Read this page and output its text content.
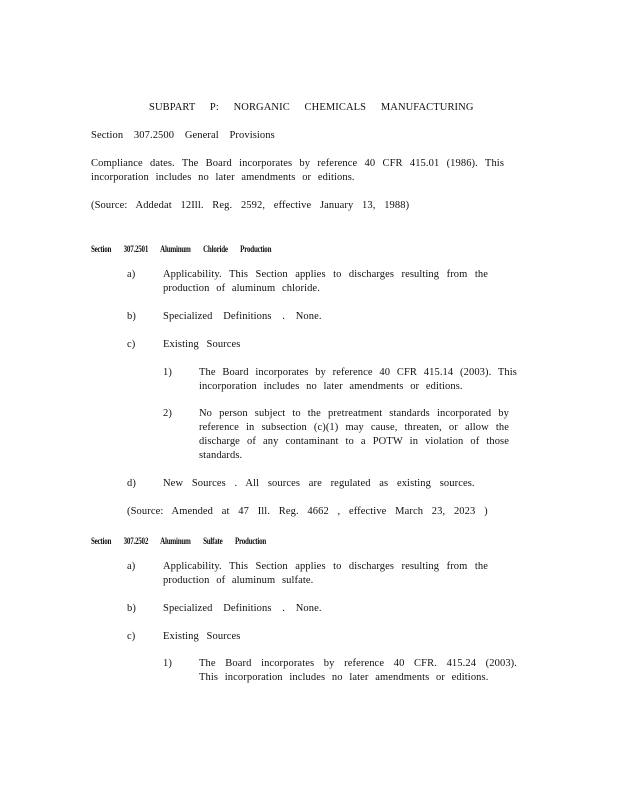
SUBPART P: NORGANIC CHEMICALS MANUFACTURING
Section 307.2500 General Provisions
Compliance dates. The Board incorporates by reference 40 CFR 415.01 (1986). This incorporation includes no later amendments or editions.
(Source: Addedat 12Ill. Reg. 2592, effective January 13, 1988)
Section 307.2501 Aluminum Chloride Production
a)	Applicability. This Section applies to discharges resulting from the production of aluminum chloride.
b)	Specialized Definitions . None.
c)	Existing Sources
1)	The Board incorporates by reference 40 CFR 415.14 (2003). This incorporation includes no later amendments or editions.
2)	No person subject to the pretreatment standards incorporated by reference in subsection (c)(1) may cause, threaten, or allow the discharge of any contaminant to a POTW in violation of those standards.
d)	New Sources . All sources are regulated as existing sources.
(Source: Amended at 47 Ill. Reg. 4662 , effective March 23, 2023 )
Section 307.2502 Aluminum Sulfate Production
a)	Applicability. This Section applies to discharges resulting from the production of aluminum sulfate.
b)	Specialized Definitions . None.
c)	Existing Sources
1)	The Board incorporates by reference 40 CFR. 415.24 (2003). This incorporation includes no later amendments or editions.
